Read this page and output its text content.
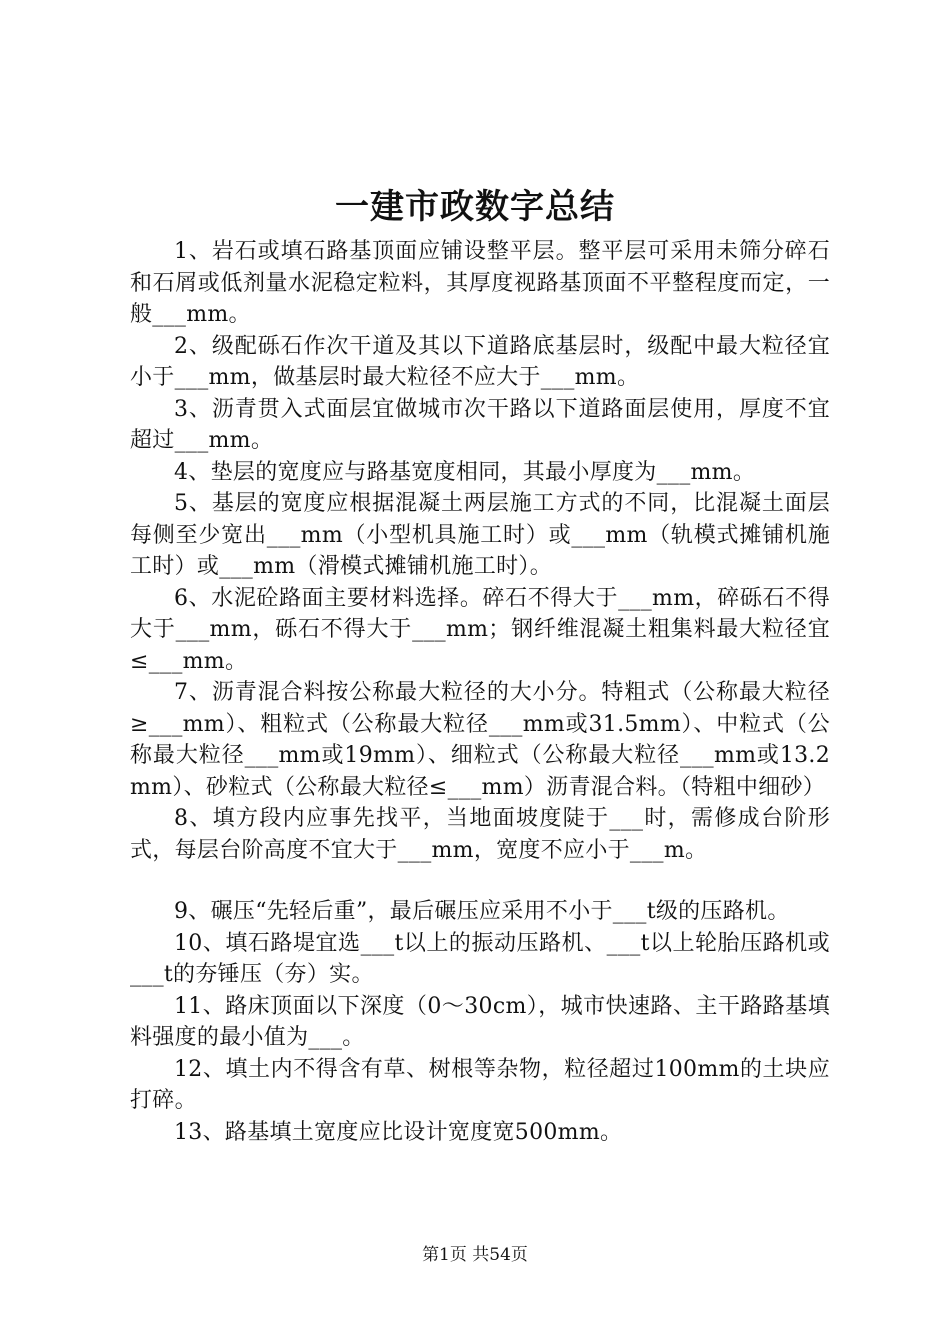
一建市政数字总结

1、岩石或填石路基顶面应铺设整平层。整平层可采用未筛分碎石和石屑或低剂量水泥稳定粒料，其厚度视路基顶面不平整程度而定，一般___mm。

2、级配砾石作次干道及其以下道路底基层时，级配中最大粒径宜小于___mm，做基层时最大粒径不应大于___mm。

3、沥青贯入式面层宜做城市次干路以下道路面层使用，厚度不宜超过___mm。

4、垫层的宽度应与路基宽度相同，其最小厚度为___mm。

5、基层的宽度应根据混凝土两层施工方式的不同，比混凝土面层每侧至少宽出___mm（小型机具施工时）或___mm（轨模式摊铺机施工时）或___mm（滑模式摊铺机施工时）。

6、水泥砼路面主要材料选择。碎石不得大于___mm，碎砾石不得大于___mm，砾石不得大于___mm；钢纤维混凝土粗集料最大粒径宜≤___mm。

7、沥青混合料按公称最大粒径的大小分。特粗式（公称最大粒径≥___mm）、粗粒式（公称最大粒径___mm或31.5mm）、中粒式（公称最大粒径___mm或19mm）、细粒式（公称最大粒径___mm或13.2mm）、砂粒式（公称最大粒径≤___mm）沥青混合料。（特粗中细砂）

8、填方段内应事先找平，当地面坡度陡于___时，需修成台阶形式，每层台阶高度不宜大于___mm，宽度不应小于___m。

9、碾压“先轻后重”，最后碾压应采用不小于___t级的压路机。

10、填石路堤宜选___t以上的振动压路机、___t以上轮胎压路机或___t的夯锤压（夯）实。

11、路床顶面以下深度（0～30cm），城市快速路、主干路路基填料强度的最小值为___。

12、填土内不得含有草、树根等杂物，粒径超过100mm的土块应打碎。

13、路基填土宽度应比设计宽度宽500mm。

第1页 共54页
